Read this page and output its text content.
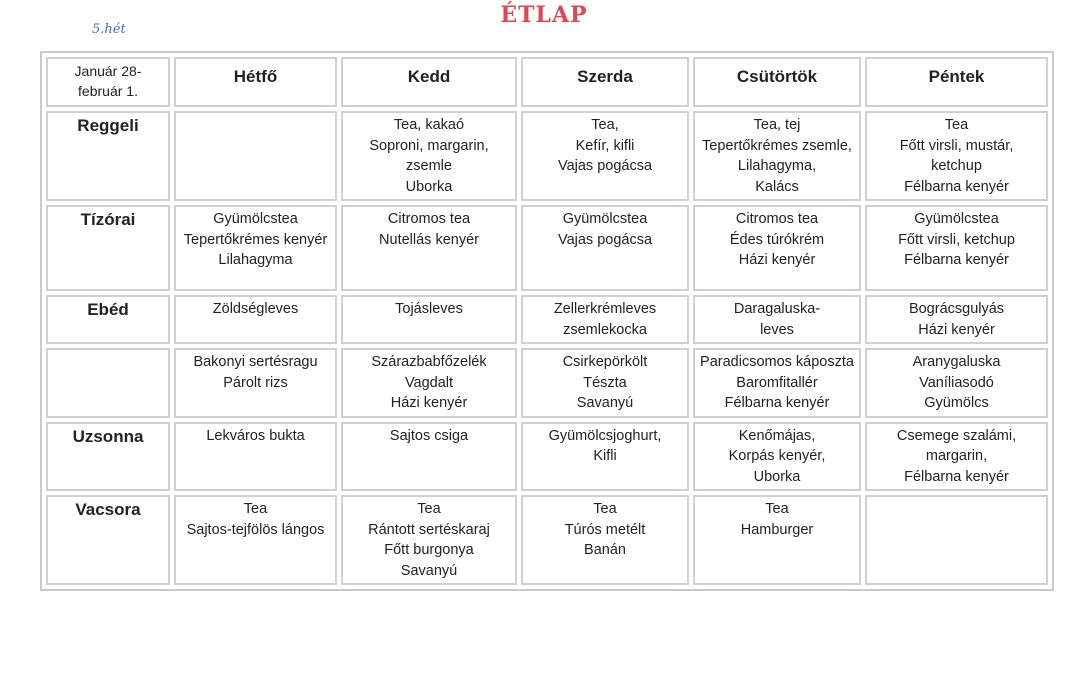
5.hét
ÉTLAP
Január 28-
február 1.	Hétfő	Kedd	Szerda	Csütörtök	Péntek
Reggeli		Tea, kakaó
Soproni, margarin,
zsemle
Uborka	Tea,
Kefír, kifli
Vajas pogácsa	Tea, tej
Tepertőkrémes zsemle,
Lilahagyma,
Kalács	Tea
Főtt virsli, mustár,
ketchup
Félbarna kenyér

Tízórai	Gyümölcstea
Tepertőkrémes kenyér
Lilahagyma	Citromos tea
Nutellás kenyér	Gyümölcstea
Vajas pogácsa	Citromos tea
Édes túrókrém
Házi kenyér	Gyümölcstea
Főtt virsli, ketchup
Félbarna kenyér

Ebéd	Zöldségleves	Tojásleves	Zellerkrémleves
zsemlekocka	Daragaluska-
leves	Bográcsgulyás
Házi kenyér

	Bakonyi sertésragu
Párolt rizs	Szárazbabfőzelék
Vagdalt
Házi kenyér	Csirkepörkölt
Tészta
Savanyú	Paradicsomos káposzta
Baromfitallér
Félbarna kenyér	Aranygaluska
Vaníliasodó
Gyümölcs

Uzsonna	Lekváros bukta	Sajtos csiga	Gyümölcsjoghurt,
Kifli	Kenőmájas,
Korpás kenyér,
Uborka	Csemege szalámi,
margarin,
Félbarna kenyér

Vacsora	Tea
Sajtos-tejfölös lángos	Tea
Rántott sertéskaraj
Főtt burgonya
Savanyú	Tea
Túrós metélt
Banán	Tea
Hamburger	
